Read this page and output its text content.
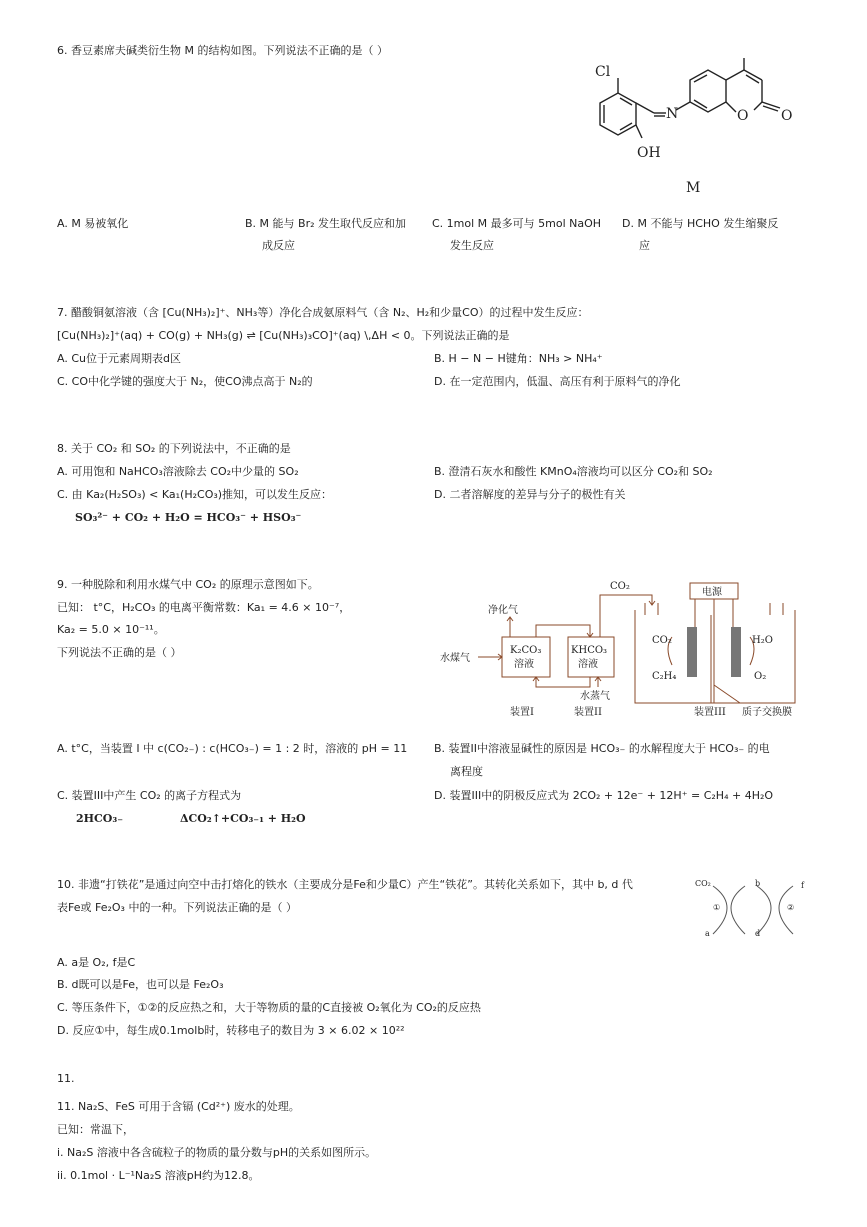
6. 香豆素席夫碱类衍生物 M 的结构如图。下列说法不正确的是（ ）
Cl
N	O O
OH
M
A. M 易被氧化	B. M 能与 Br₂ 发生取代反应和加
成反应
C. 1mol M 最多可与 5mol NaOH
发生反应
D. M 不能与 HCHO 发生缩聚反
应
7. 醋酸铜氨溶液（含 [Cu(NH₃)₂]⁺、NH₃等）净化合成氨原料气（含 N₂、H₂和少量CO）的过程中发生反应：
[Cu(NH₃)₂]⁺(aq) + CO(g) + NH₃(g) ⇌ [Cu(NH₃)₃CO]⁺(aq) \,ΔH < 0。下列说法正确的是
A. Cu位于元素周期表d区	B. H − N − H键角：NH₃ > NH₄⁺
C. CO中化学键的强度大于 N₂，使CO沸点高于 N₂的	D. 在一定范围内，低温、高压有利于原料气的净化
8. 关于 CO₂ 和 SO₂ 的下列说法中，不正确的是
A. 可用饱和 NaHCO₃溶液除去 CO₂中少量的 SO₂	B. 澄清石灰水和酸性 KMnO₄溶液均可以区分 CO₂和 SO₂
C. 由 Ka₂(H₂SO₃) < Ka₁(H₂CO₃)推知，可以发生反应：	D. 二者溶解度的差异与分子的极性有关
SO₃²⁻ + CO₂ + H₂O = HCO₃⁻ + HSO₃⁻
9. 一种脱除和利用水煤气中 CO₂ 的原理示意图如下。
已知： t°C，H₂CO₃ 的电离平衡常数：Ka₁ = 4.6 × 10⁻⁷，
Ka₂ = 5.0 × 10⁻¹¹。
下列说法不正确的是（ ）
CO₂
电源
净化气
水煤气
K₂CO₃
溶液
KHCO₃
溶液
水蒸气
装置I	装置II	装置III 质子交换膜
CO₂
C₂H₄
H₂O
O₂
A. t°C，当装置 I 中 c(CO₂₋) : c(HCO₃₋) = 1 : 2 时，溶液的 pH = 11 B. 装置II中溶液显碱性的原因是 HCO₃₋ 的水解程度大于 HCO₃₋ 的电
离程度
C. 装置III中产生 CO₂ 的离子方程式为	D. 装置III中的阴极反应式为 2CO₂ + 12e⁻ + 12H⁺ = C₂H₄ + 4H₂O
2HCO₃₋	ΔCO₂↑+CO₃₋₁ + H₂O
10. 非遗“打铁花”是通过向空中击打熔化的铁水（主要成分是Fe和少量C）产生“铁花”。其转化关系如下，其中 b, d 代
表Fe或 Fe₂O₃ 中的一种。下列说法正确的是（ ）
CO₂	b	f
①	②
a	d
A. a是 O₂, f是C
B. d既可以是Fe，也可以是 Fe₂O₃
C. 等压条件下，①②的反应热之和，大于等物质的量的C直接被 O₂氧化为 CO₂的反应热
D. 反应①中，每生成0.1molb时，转移电子的数目为 3 × 6.02 × 10²²
11.
11. Na₂S、FeS 可用于含镉 (Cd²⁺) 废水的处理。
已知：常温下，
i. Na₂S 溶液中各含硫粒子的物质的量分数与pH的关系如图所示。
ii. 0.1mol · L⁻¹Na₂S 溶液pH约为12.8。
